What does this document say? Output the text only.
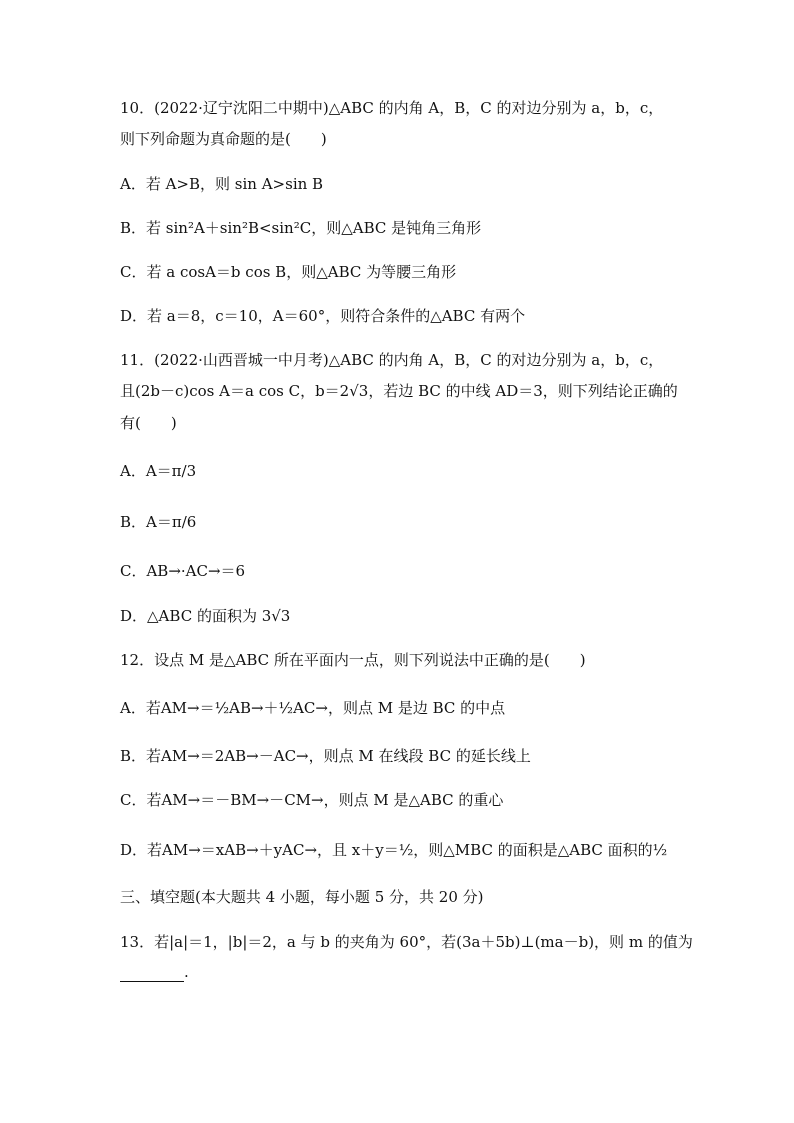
10．(2022·辽宁沈阳二中期中)△ABC 的内角 A，B，C 的对边分别为 a，b，c，
则下列命题为真命题的是(　　)
A．若 A>B，则 sin A>sin B
B．若 sin²A＋sin²B<sin²C，则△ABC 是钝角三角形
C．若 a cosA＝b cos B，则△ABC 为等腰三角形
D．若 a＝8，c＝10，A＝60°，则符合条件的△ABC 有两个
11．(2022·山西晋城一中月考)△ABC 的内角 A，B，C 的对边分别为 a，b，c，
且(2b－c)cos A＝a cos C，b＝2√3，若边 BC 的中线 AD＝3，则下列结论正确的
有(　　)
A．A＝π/3
B．A＝π/6
C．AB→·AC→＝6
D．△ABC 的面积为 3√3
12．设点 M 是△ABC 所在平面内一点，则下列说法中正确的是(　　)
A．若AM→＝½AB→＋½AC→，则点 M 是边 BC 的中点
B．若AM→＝2AB→－AC→，则点 M 在线段 BC 的延长线上
C．若AM→＝－BM→－CM→，则点 M 是△ABC 的重心
D．若AM→＝xAB→＋yAC→，且 x＋y＝½，则△MBC 的面积是△ABC 面积的½
三、填空题(本大题共 4 小题，每小题 5 分，共 20 分)
13．若|a|＝1，|b|＝2，a 与 b 的夹角为 60°，若(3a＋5b)⊥(ma－b)，则 m 的值为
.
